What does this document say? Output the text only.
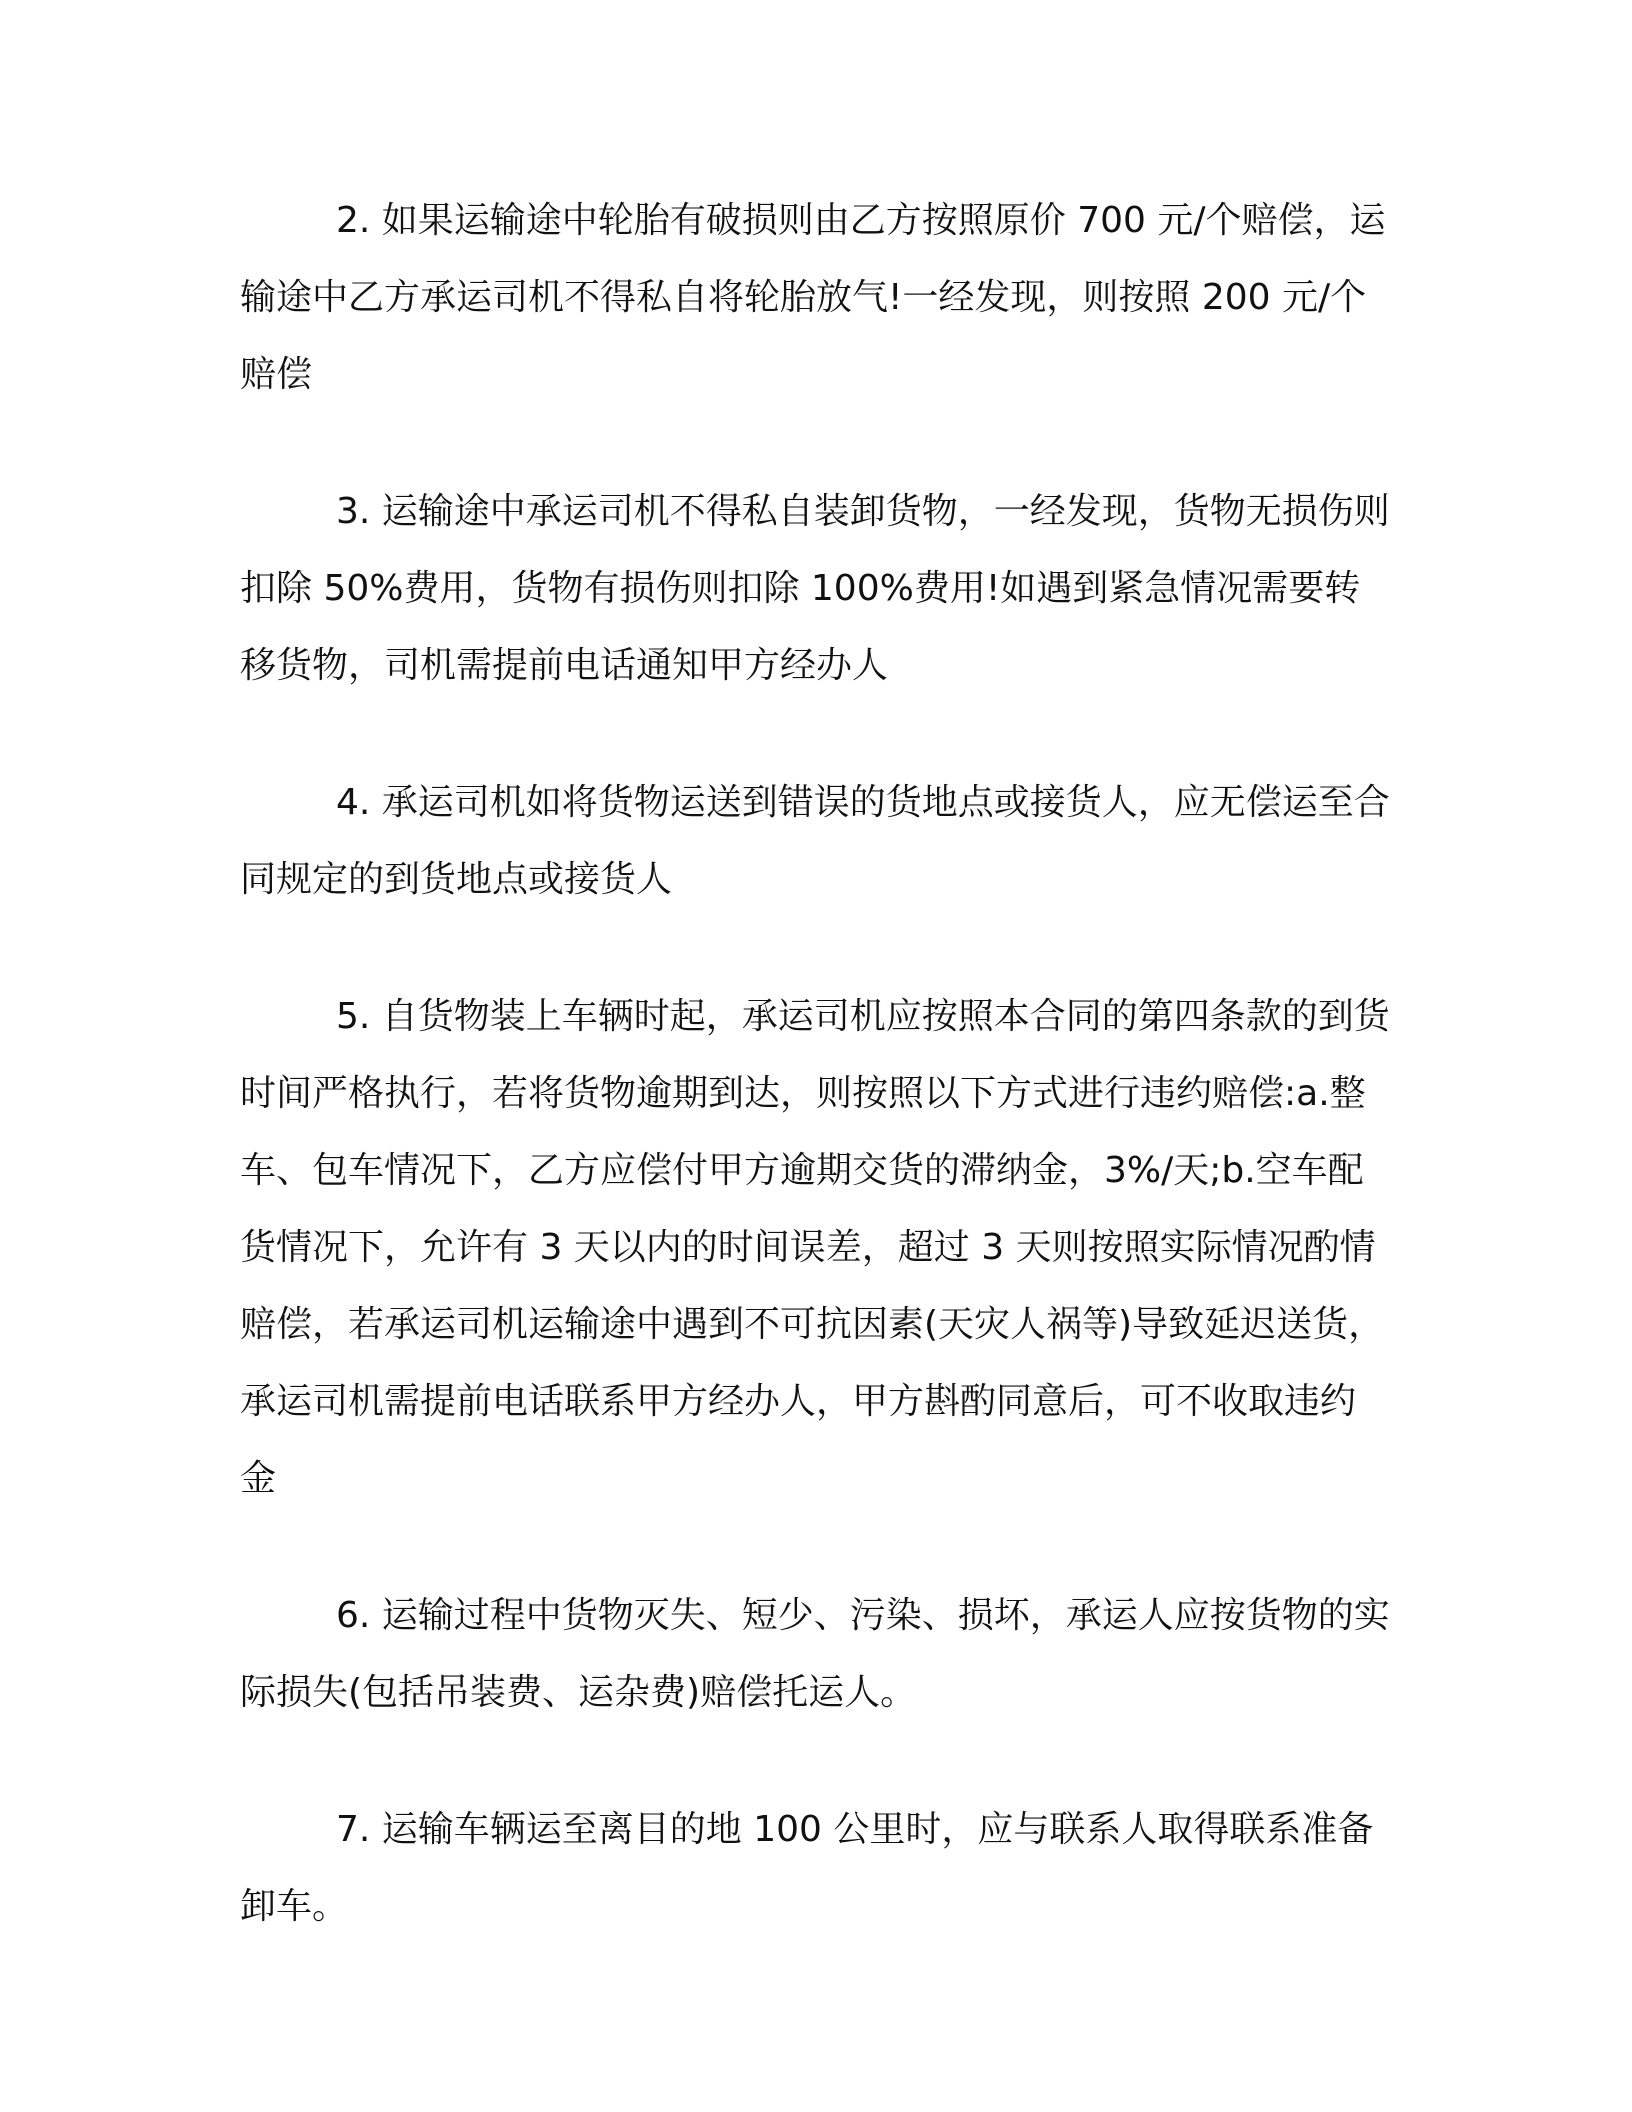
2. 如果运输途中轮胎有破损则由乙方按照原价 700 元/个赔偿，运输途中乙方承运司机不得私自将轮胎放气!一经发现，则按照 200 元/个赔偿

3. 运输途中承运司机不得私自装卸货物，一经发现，货物无损伤则扣除 50%费用，货物有损伤则扣除 100%费用!如遇到紧急情况需要转移货物，司机需提前电话通知甲方经办人

4. 承运司机如将货物运送到错误的货地点或接货人，应无偿运至合同规定的到货地点或接货人

5. 自货物装上车辆时起，承运司机应按照本合同的第四条款的到货时间严格执行，若将货物逾期到达，则按照以下方式进行违约赔偿:a.整车、包车情况下，乙方应偿付甲方逾期交货的滞纳金，3%/天;b.空车配货情况下，允许有 3 天以内的时间误差，超过 3 天则按照实际情况酌情赔偿，若承运司机运输途中遇到不可抗因素(天灾人祸等)导致延迟送货，承运司机需提前电话联系甲方经办人，甲方斟酌同意后，可不收取违约金

6. 运输过程中货物灭失、短少、污染、损坏，承运人应按货物的实际损失(包括吊装费、运杂费)赔偿托运人。

7. 运输车辆运至离目的地 100 公里时，应与联系人取得联系准备卸车。
